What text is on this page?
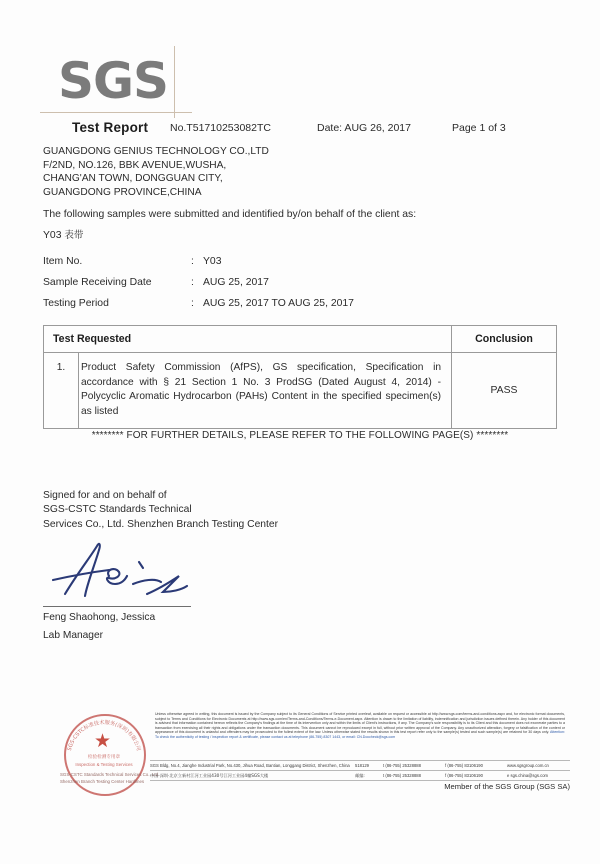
SGS
Test Report No.T51710253082TC	Date: AUG 26, 2017	Page 1 of 3
GUANGDONG GENIUS TECHNOLOGY CO.,LTD
F/2ND, NO.126, BBK AVENUE,WUSHA,
CHANG'AN TOWN, DONGGUAN CITY,
GUANGDONG PROVINCE,CHINA
The following samples were submitted and identified by/on behalf of the client as:
Y03 表带
Item No.	: Y03
Sample Receiving Date	: AUG 25, 2017
Testing Period	: AUG 25, 2017 TO AUG 25, 2017
Test Requested		Conclusion
1.	Product Safety Commission (AfPS), GS specification, Specification in accordance with § 21 Section 1 No. 3 ProdSG (Dated August 4, 2014) - Polycyclic Aromatic Hydrocarbon (PAHs) Content in the specified specimen(s) as listed	PASS
******** FOR FURTHER DETAILS, PLEASE REFER TO THE FOLLOWING PAGE(S) ********
Signed for and on behalf of
SGS-CSTC Standards Technical
Services Co., Ltd. Shenzhen Branch Testing Center
Feng Shaohong, Jessica
Lab Manager
SGS-CSTC标准技术服务(深圳)有限公司
★
检验检测专用章
Inspection & Testing Services
SGS-CSTC Standards Technical Services Co., Ltd.
Shenzhen Branch Testing Center Hardlines
Unless otherwise agreed in writing, this document is issued by the Company subject to its General Conditions of Service printed overleaf, available on request or accessible at http://www.sgs.com/terms-and-conditions.aspx and, for electronic format documents, subject to Terms and Conditions for Electronic Documents at http://www.sgs.com/en/Terms-and-Conditions/Terms-e-Document.aspx. Attention is drawn to the limitation of liability, indemnification and jurisdiction issues defined therein. Any holder of this document is advised that information contained hereon reflects the Company's findings at the time of its intervention only and within the limits of Client's instructions, if any. The Company's sole responsibility is to its Client and this document does not exonerate parties to a transaction from exercising all their rights and obligations under the transaction documents. This document cannot be reproduced except in full, without prior written approval of the Company. Any unauthorized alteration, forgery or falsification of the content or appearance of this document is unlawful and offenders may be prosecuted to the fullest extent of the law. Unless otherwise stated the results shown in this test report refer only to the sample(s) tested and such sample(s) are retained for 30 days only. Attention: To check the authenticity of testing / inspection report & certificate, please contact us at telephone (86-755) 8307 1443, or email: CN.Doccheck@sgs.com
SGS Bldg, No.4, Jianghe Industrial Park, No.430, Jihua Road, Bantian, Longgang District, Shenzhen, China	518129	t (86-755) 25328888	f (86-755) 83106190	www.sgsgroup.com.cn
中国·深圳·北京立新村江河工业园430号江河工业园4幢SGS大楼	邮编:	t (86-755) 25328888	f (86-755) 83106190	e sgs.china@sgs.com
Member of the SGS Group (SGS SA)
